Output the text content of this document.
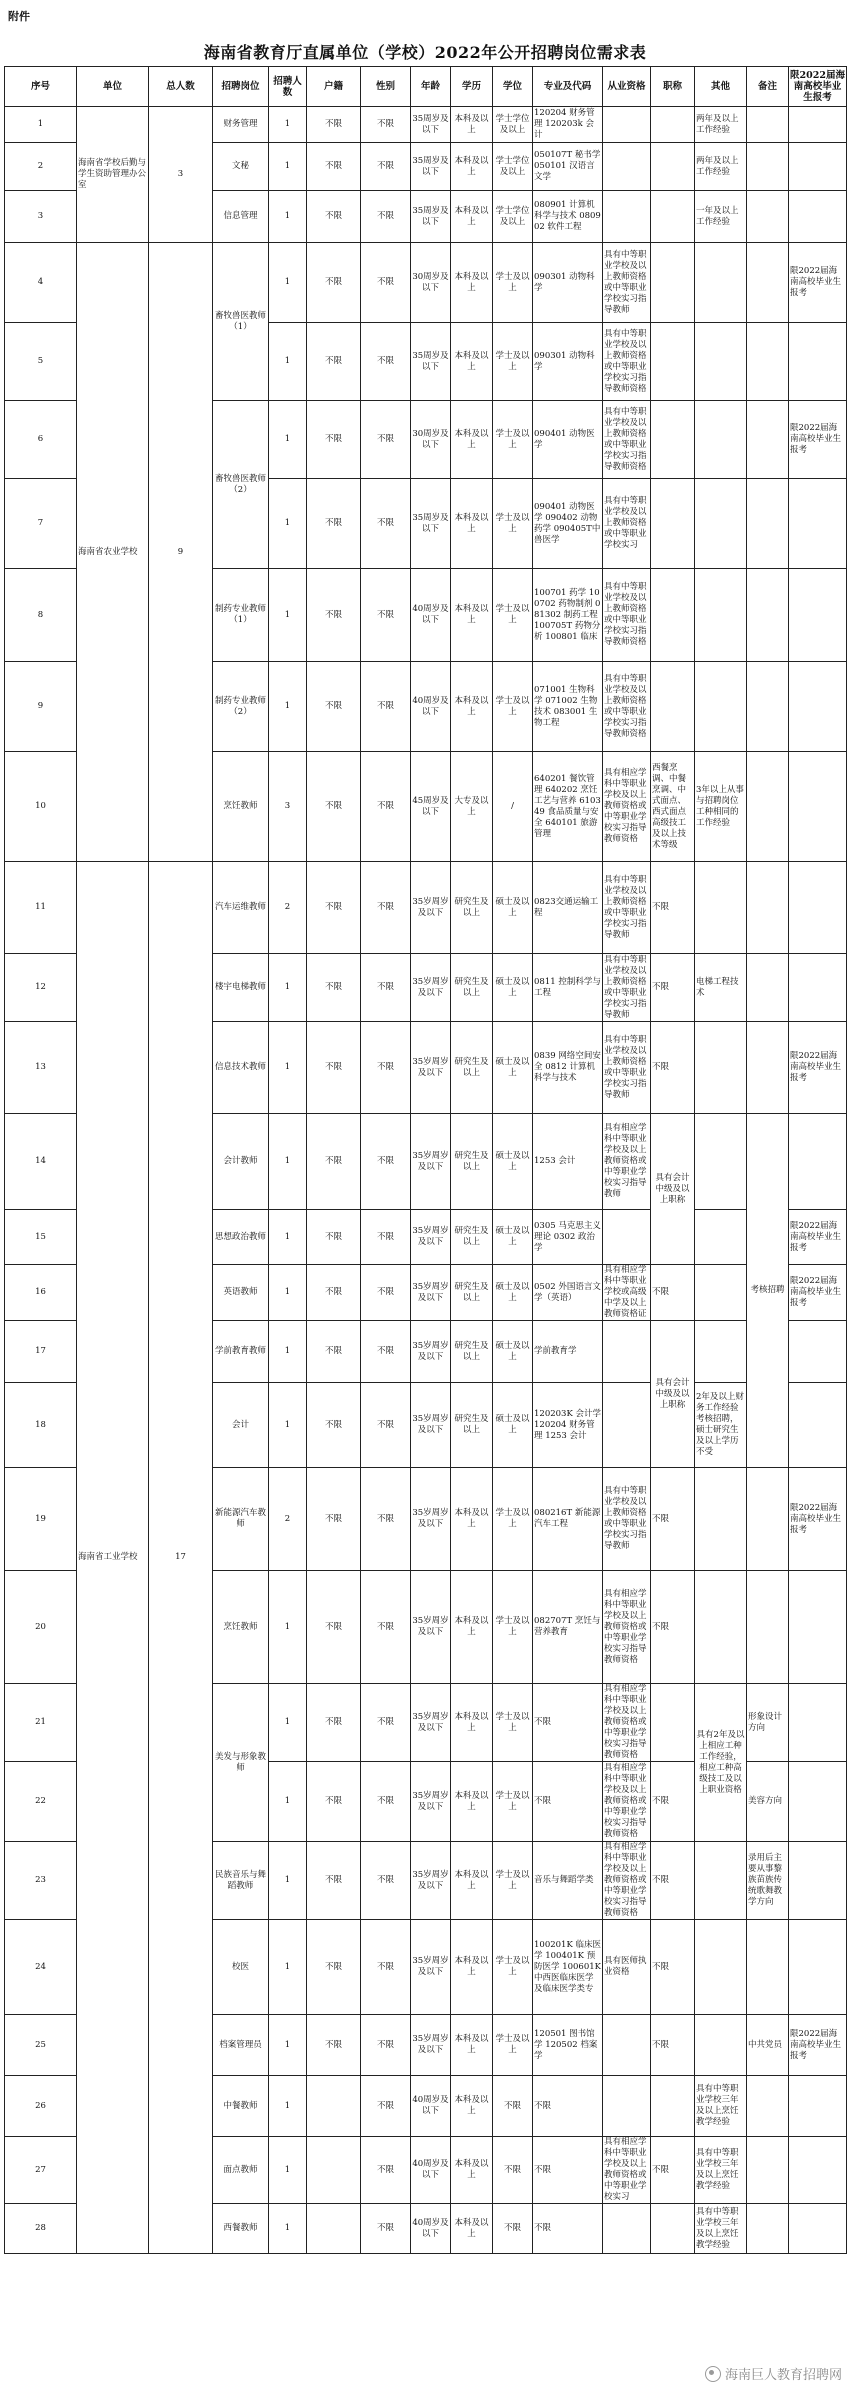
附件
海南省教育厅直属单位（学校）2022年公开招聘岗位需求表
序号	单位	总人数	招聘岗位	招聘人数	户籍	性别	年龄	学历	学位	专业及代码	从业资格	职称	其他	备注	限2022届海南高校毕业生报考
1	海南省学校后勤与学生资助管理办公室	3	财务管理	1	不限	不限	35周岁及以下	本科及以上	学士学位及以上	120204 财务管理 120203k 会计			两年及以上工作经验		
2			文秘	1	不限	不限	35周岁及以下	本科及以上	学士学位及以上	050107T 秘书学 050101 汉语言文学			两年及以上工作经验		
3			信息管理	1	不限	不限	35周岁及以下	本科及以上	学士学位及以上	080901 计算机科学与技术 080902 软件工程			一年及以上工作经验		
4	海南省农业学校	9	畜牧兽医教师（1）	1	不限	不限	30周岁及以下	本科及以上	学士及以上	090301 动物科学	具有中等职业学校及以上教师资格或中等职业学校实习指导教师				限2022届海南高校毕业生报考
5				1	不限	不限	35周岁及以下	本科及以上	学士及以上	090301 动物科学	具有中等职业学校及以上教师资格或中等职业学校实习指导教师资格				
6			畜牧兽医教师（2）	1	不限	不限	30周岁及以下	本科及以上	学士及以上	090401 动物医学	具有中等职业学校及以上教师资格或中等职业学校实习指导教师资格				限2022届海南高校毕业生报考
7				1	不限	不限	35周岁及以下	本科及以上	学士及以上	090401 动物医学 090402 动物药学 090405T中兽医学	具有中等职业学校及以上教师资格或中等职业学校实习				
8			制药专业教师（1）	1	不限	不限	40周岁及以下	本科及以上	学士及以上	100701 药学 100702 药物制剂 081302 制药工程 100705T 药物分析 100801 临床	具有中等职业学校及以上教师资格或中等职业学校实习指导教师资格				
9			制药专业教师（2）	1	不限	不限	40周岁及以下	本科及以上	学士及以上	071001 生物科学 071002 生物技术 083001 生物工程	具有中等职业学校及以上教师资格或中等职业学校实习指导教师资格				
10			烹饪教师	3	不限	不限	45周岁及以下	大专及以上	/	640201 餐饮管理 640202 烹饪工艺与营养 610349 食品质量与安全 640101 旅游管理	具有相应学科中等职业学校及以上教师资格或中等职业学校实习指导教师资格	西餐烹调、中餐烹调、中式面点、西式面点高级技工及以上技术等级	3年以上从事与招聘岗位工种相同的工作经验		
11	海南省工业学校	17	汽车运维教师	2	不限	不限	35岁周岁及以下	研究生及以上	硕士及以上	0823交通运输工程	具有中等职业学校及以上教师资格或中等职业学校实习指导教师	不限			
12			楼宇电梯教师	1	不限	不限	35岁周岁及以下	研究生及以上	硕士及以上	0811 控制科学与工程	具有中等职业学校及以上教师资格或中等职业学校实习指导教师	不限	电梯工程技术		
13			信息技术教师	1	不限	不限	35岁周岁及以下	研究生及以上	硕士及以上	0839 网络空间安全 0812 计算机科学与技术	具有中等职业学校及以上教师资格或中等职业学校实习指导教师	不限			限2022届海南高校毕业生报考
14			会计教师	1	不限	不限	35岁周岁及以下	研究生及以上	硕士及以上	1253 会计	具有相应学科中等职业学校及以上教师资格或中等职业学校实习指导教师	具有会计中级及以上职称		考核招聘	
15			思想政治教师	1	不限	不限	35岁周岁及以下	研究生及以上	硕士及以上	0305 马克思主义理论 0302 政治学					限2022届海南高校毕业生报考
16			英语教师	1	不限	不限	35岁周岁及以下	研究生及以上	硕士及以上	0502 外国语言文学（英语）	具有相应学科中等职业学校或高级中学及以上教师资格证	不限			限2022届海南高校毕业生报考
17			学前教育教师	1	不限	不限	35岁周岁及以下	研究生及以上	硕士及以上	学前教育学		具有会计中级及以上职称			
18			会计	1	不限	不限	35岁周岁及以下	研究生及以上	硕士及以上	120203K 会计学 120204 财务管理 1253 会计			2年及以上财务工作经验考核招聘，硕士研究生及以上学历不受		
19			新能源汽车教师	2	不限	不限	35岁周岁及以下	本科及以上	学士及以上	080216T 新能源汽车工程	具有中等职业学校及以上教师资格或中等职业学校实习指导教师	不限			限2022届海南高校毕业生报考
20			烹饪教师	1	不限	不限	35岁周岁及以下	本科及以上	学士及以上	082707T 烹饪与营养教育	具有相应学科中等职业学校及以上教师资格或中等职业学校实习指导教师资格	不限			
21			美发与形象教师	1	不限	不限	35岁周岁及以下	本科及以上	学士及以上	不限	具有相应学科中等职业学校及以上教师资格或中等职业学校实习指导教师资格		具有2年及以上相应工种工作经验，相应工种高级技工及以上职业资格	形象设计方向	
22				1	不限	不限	35岁周岁及以下	本科及以上	学士及以上	不限	具有相应学科中等职业学校及以上教师资格或中等职业学校实习指导教师资格	不限		美容方向	
23			民族音乐与舞蹈教师	1	不限	不限	35岁周岁及以下	本科及以上	学士及以上	音乐与舞蹈学类	具有相应学科中等职业学校及以上教师资格或中等职业学校实习指导教师资格	不限		录用后主要从事黎族苗族传统歌舞教学方向	
24			校医	1	不限	不限	35岁周岁及以下	本科及以上	学士及以上	100201K 临床医学 100401K 预防医学 100601K 中西医临床医学及临床医学类专	具有医师执业资格	不限			
25			档案管理员	1	不限	不限	35岁周岁及以下	本科及以上	学士及以上	120501 图书馆学 120502 档案学		不限		中共党员	限2022届海南高校毕业生报考
26			中餐教师	1		不限	40周岁及以下	本科及以上	不限	不限			具有中等职业学校三年及以上烹饪教学经验		
27			面点教师	1		不限	40周岁及以下	本科及以上	不限	不限	具有相应学科中等职业学校及以上教师资格或中等职业学校实习	不限	具有中等职业学校三年及以上烹饪教学经验		
28			西餐教师	1		不限	40周岁及以下	本科及以上	不限	不限			具有中等职业学校三年及以上烹饪教学经验		
海南巨人教育招聘网
